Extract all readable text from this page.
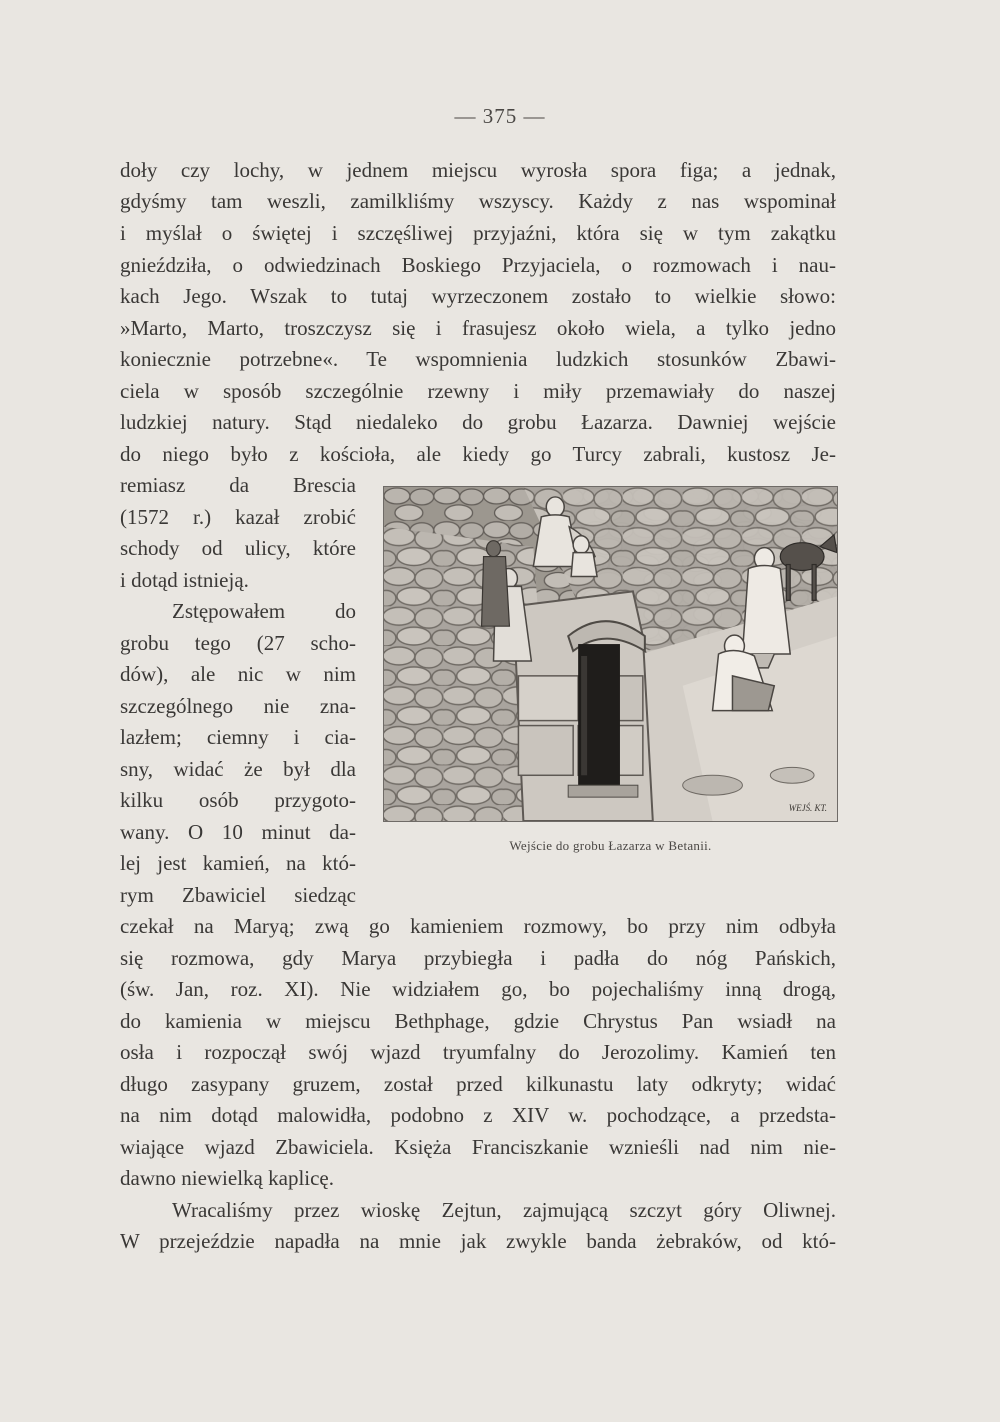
— 375 —
doły czy lochy, w jednem miejscu wyrosła spora figa; a jednak,
gdyśmy tam weszli, zamilkliśmy wszyscy. Każdy z nas wspominał
i myślał o świętej i szczęśliwej przyjaźni, która się w tym zakątku
gnieździła, o odwiedzinach Boskiego Przyjaciela, o rozmowach i nau-
kach Jego. Wszak to tutaj wyrzeczonem zostało to wielkie słowo:
»Marto, Marto, troszczysz się i frasujesz około wiela, a tylko jedno
koniecznie potrzebne«. Te wspomnienia ludzkich stosunków Zbawi-
ciela w sposób szczególnie rzewny i miły przemawiały do naszej
ludzkiej natury. Stąd niedaleko do grobu Łazarza. Dawniej wejście
do niego było z kościoła, ale kiedy go Turcy zabrali, kustosz Je-
remiasz da Brescia
(1572 r.) kazał zrobić
schody od ulicy, które
i dotąd istnieją.
Zstępowałem do
grobu tego (27 scho-
dów), ale nic w nim
szczególnego nie zna-
lazłem; ciemny i cia-
sny, widać że był dla
kilku osób przygoto-
wany. O 10 minut da-
lej jest kamień, na któ-
rym Zbawiciel siedząc
czekał na Maryą; zwą go kamieniem rozmowy, bo przy nim odbyła
się rozmowa, gdy Marya przybiegła i padła do nóg Pańskich,
(św. Jan, roz. XI). Nie widziałem go, bo pojechaliśmy inną drogą,
do kamienia w miejscu Bethphage, gdzie Chrystus Pan wsiadł na
osła i rozpoczął swój wjazd tryumfalny do Jerozolimy. Kamień ten
długo zasypany gruzem, został przed kilkunastu laty odkryty; widać
na nim dotąd malowidła, podobno z XIV w. pochodzące, a przedsta-
wiające wjazd Zbawiciela. Księża Franciszkanie wznieśli nad nim nie-
dawno niewielką kaplicę.
Wracaliśmy przez wioskę Zejtun, zajmującą szczyt góry Oliwnej.
W przejeździe napadła na mnie jak zwykle banda żebraków, od któ-
WEJŚ. KT.
Wejście do grobu Łazarza w Betanii.
